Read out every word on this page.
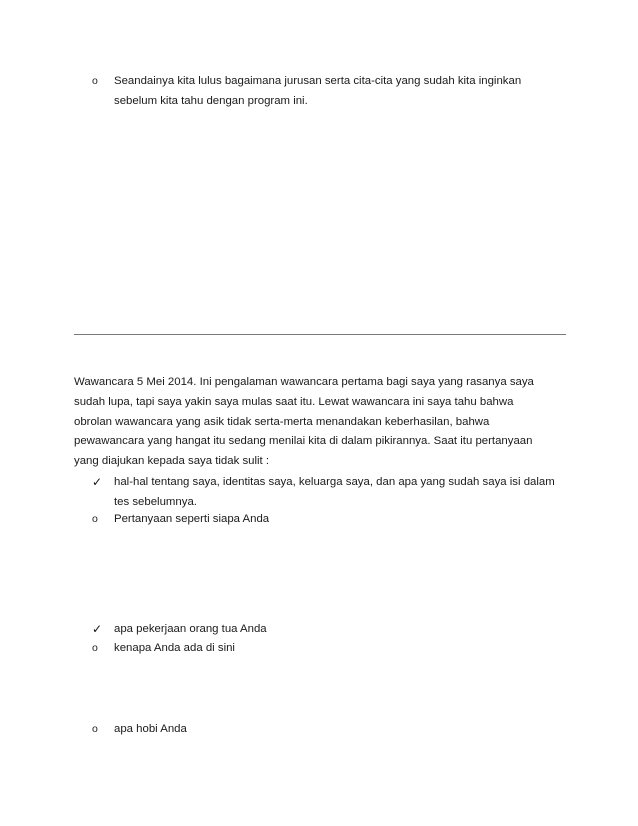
o	Seandainya kita lulus bagaimana jurusan serta cita-cita yang sudah kita inginkan sebelum kita tahu dengan program ini.
Wawancara 5 Mei 2014. Ini pengalaman wawancara pertama bagi saya yang rasanya saya sudah lupa, tapi saya yakin saya mulas saat itu. Lewat wawancara ini saya tahu bahwa obrolan wawancara yang asik tidak serta-merta menandakan keberhasilan, bahwa pewawancara yang hangat itu sedang menilai kita di dalam pikirannya. Saat itu pertanyaan yang diajukan kepada saya tidak sulit :
✓	hal-hal tentang saya, identitas saya, keluarga saya, dan apa yang sudah saya isi dalam tes sebelumnya.
o	Pertanyaan seperti siapa Anda
✓	apa pekerjaan orang tua Anda
o	kenapa Anda ada di sini
o	apa hobi Anda
